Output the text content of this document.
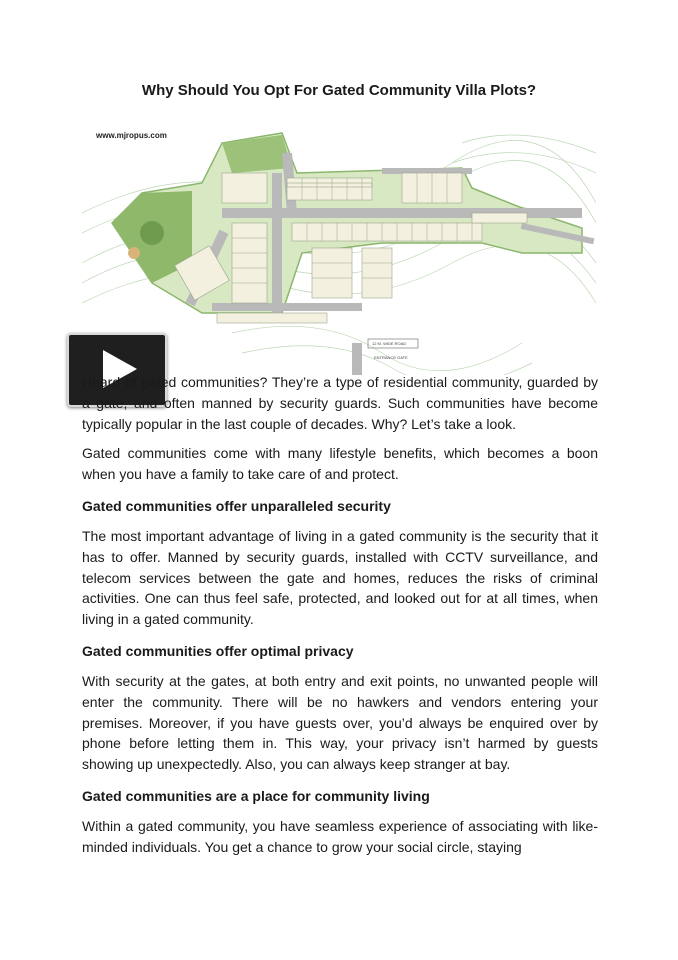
Why Should You Opt For Gated Community Villa Plots?
www.mjropus.com
12 M. WIDE ROAD
ENTRANCE GATE

Heard of gated communities? They’re a type of residential community, guarded by a gate, and often manned by security guards. Such communities have become typically popular in the last couple of decades. Why? Let’s take a look.

Gated communities come with many lifestyle benefits, which becomes a boon when you have a family to take care of and protect.

Gated communities offer unparalleled security

The most important advantage of living in a gated community is the security that it has to offer. Manned by security guards, installed with CCTV surveillance, and telecom services between the gate and homes, reduces the risks of criminal activities. One can thus feel safe, protected, and looked out for at all times, when living in a gated community.

Gated communities offer optimal privacy

With security at the gates, at both entry and exit points, no unwanted people will enter the community. There will be no hawkers and vendors entering your premises. Moreover, if you have guests over, you’d always be enquired over by phone before letting them in. This way, your privacy isn’t harmed by guests showing up unexpectedly. Also, you can always keep stranger at bay.

Gated communities are a place for community living

Within a gated community, you have seamless experience of associating with like-minded individuals. You get a chance to grow your social circle, staying
